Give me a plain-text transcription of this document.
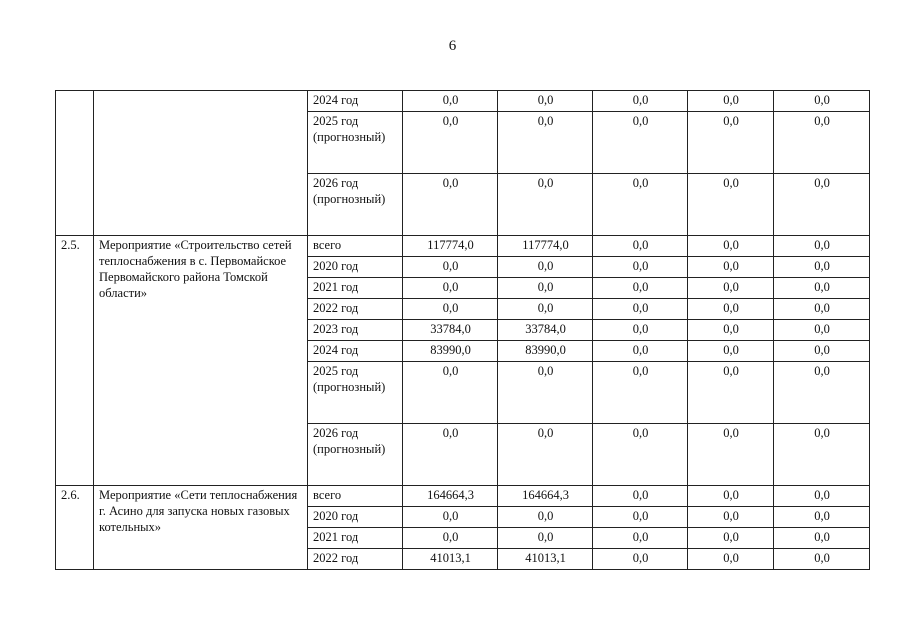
6
		2024 год	0,0	0,0	0,0	0,0	0,0
		2025 год (прогнозный)	0,0	0,0	0,0	0,0	0,0
		2026 год (прогнозный)	0,0	0,0	0,0	0,0	0,0
2.5.	Мероприятие «Строительство сетей теплоснабжения в с. Первомайское Первомайского района Томской области»	всего	117774,0	117774,0	0,0	0,0	0,0
		2020 год	0,0	0,0	0,0	0,0	0,0
		2021 год	0,0	0,0	0,0	0,0	0,0
		2022 год	0,0	0,0	0,0	0,0	0,0
		2023 год	33784,0	33784,0	0,0	0,0	0,0
		2024 год	83990,0	83990,0	0,0	0,0	0,0
		2025 год (прогнозный)	0,0	0,0	0,0	0,0	0,0
		2026 год (прогнозный)	0,0	0,0	0,0	0,0	0,0
2.6.	Мероприятие «Сети теплоснабжения г. Асино для запуска новых газовых котельных»	всего	164664,3	164664,3	0,0	0,0	0,0
		2020 год	0,0	0,0	0,0	0,0	0,0
		2021 год	0,0	0,0	0,0	0,0	0,0
		2022 год	41013,1	41013,1	0,0	0,0	0,0
